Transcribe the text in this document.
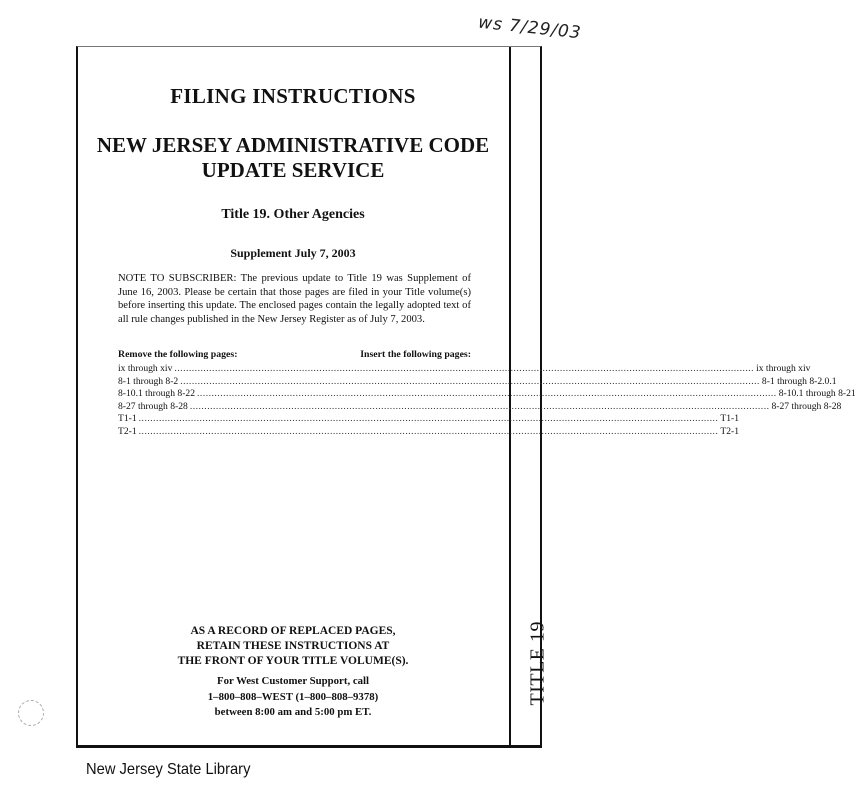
ws 7/29/03
TITLE 19
FILING INSTRUCTIONS
NEW JERSEY ADMINISTRATIVE CODE
UPDATE SERVICE
Title 19. Other Agencies
Supplement July 7, 2003
NOTE TO SUBSCRIBER: The previous update to Title 19 was Supplement of June 16, 2003. Please be certain that those pages are filed in your Title volume(s) before inserting this update. The enclosed pages contain the legally adopted text of all rule changes published in the New Jersey Register as of July 7, 2003.
Remove the following pages:	Insert the following pages:
ix through xiv ........................................................................................................................................................................................................ ix through xiv
8-1 through 8-2 ........................................................................................................................................................................................................ 8-1 through 8-2.0.1
8-10.1 through 8-22 ........................................................................................................................................................................................................ 8-10.1 through 8-21
8-27 through 8-28 ........................................................................................................................................................................................................ 8-27 through 8-28
T1-1 ........................................................................................................................................................................................................ T1-1
T2-1 ........................................................................................................................................................................................................ T2-1
AS A RECORD OF REPLACED PAGES,
RETAIN THESE INSTRUCTIONS AT
THE FRONT OF YOUR TITLE VOLUME(S).
For West Customer Support, call
1–800–808–WEST (1–800–808–9378)
between 8:00 am and 5:00 pm ET.
New Jersey State Library
